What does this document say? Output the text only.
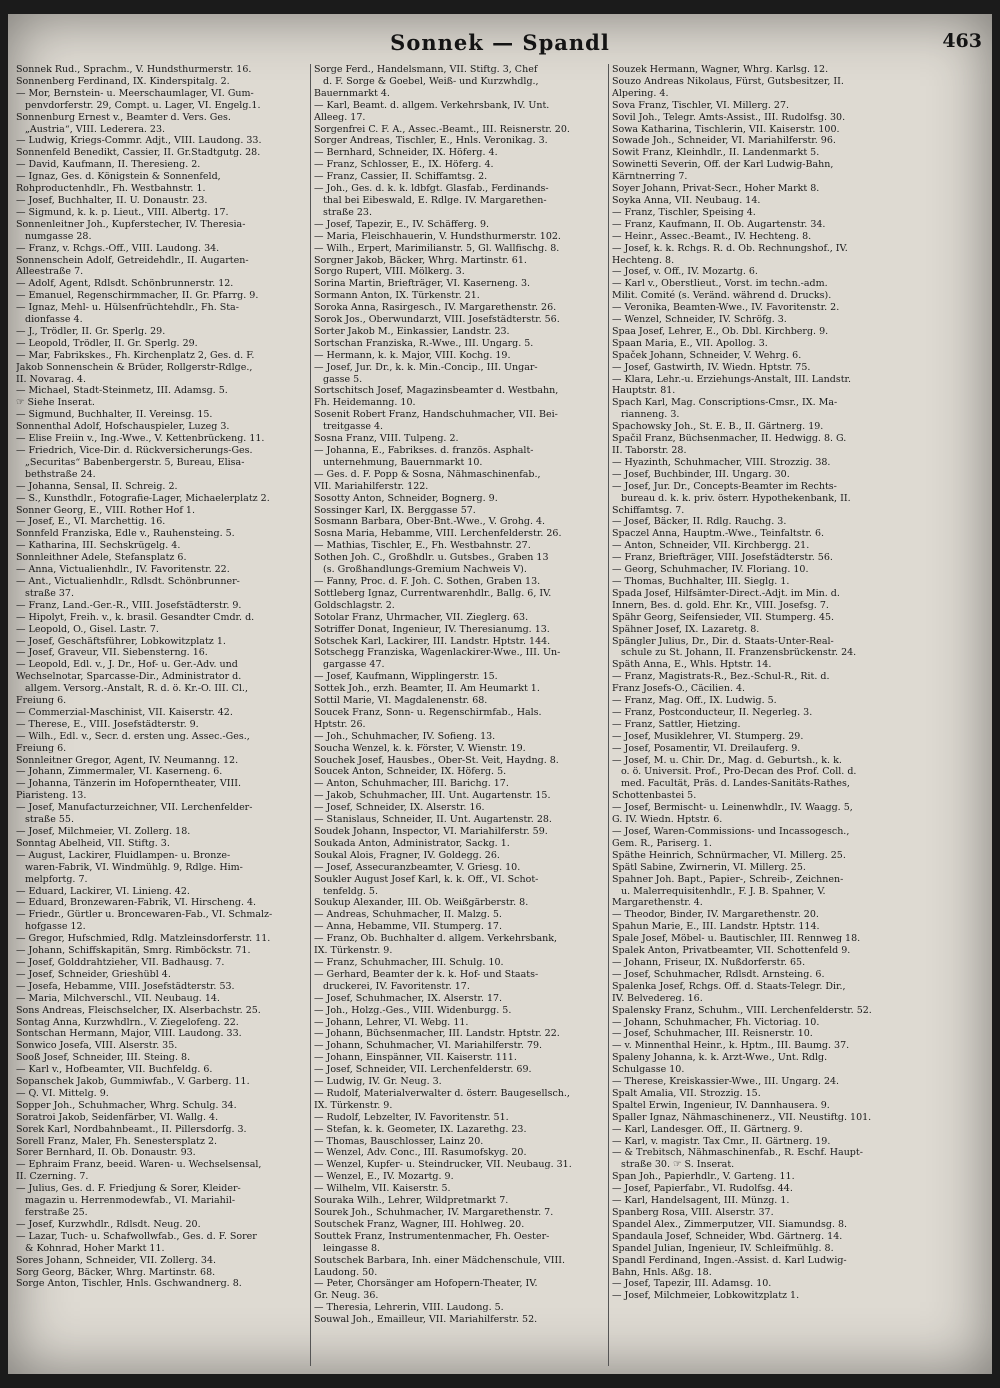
Sonnek — Spandl	463
Sonnek Rud., Sprachm., V. Hundsthurmerstr. 16.
Sonnenberg Ferdinand, IX. Kinderspitalg. 2.
— Mor, Bernstein- u. Meerschaumlager, VI. Gum-
penvdorferstr. 29, Compt. u. Lager, VI. Engelg.1.
Sonnenburg Ernest v., Beamter d. Vers. Ges.
„Austria“, VIII. Lederera. 23.
— Ludwig, Kriegs-Commr. Adjt., VIII. Laudong. 33.
Sonnenfeld Benedikt, Cassier, II. Gr.Stadtgutg. 28.
— David, Kaufmann, II. Theresieng. 2.
— Ignaz, Ges. d. Königstein & Sonnenfeld,
Rohproductenhdlr., Fh. Westbahnstr. 1.
— Josef, Buchhalter, II. U. Donaustr. 23.
— Sigmund, k. k. p. Lieut., VIII. Albertg. 17.
Sonnenleitner Joh., Kupferstecher, IV. Theresia-
numgasse 28.
— Franz, v. Rchgs.-Off., VIII. Laudong. 34.
Sonnenschein Adolf, Getreidehdlr., II. Augarten-
Alleestraße 7.
— Adolf, Agent, Rdlsdt. Schönbrunnerstr. 12.
— Emanuel, Regenschirmmacher, II. Gr. Pfarrg. 9.
— Ignaz, Mehl- u. Hülsenfrüchtehdlr., Fh. Sta-
dionfasse 4.
— J., Trödler, II. Gr. Sperlg. 29.
— Leopold, Trödler, II. Gr. Sperlg. 29.
— Mar, Fabrikskes., Fh. Kirchenplatz 2, Ges. d. F.
Jakob Sonnenschein & Brüder, Rollgerstr-Rdlge.,
II. Novarag. 4.
— Michael, Stadt-Steinmetz, III. Adamsg. 5.
☞ Siehe Inserat.
— Sigmund, Buchhalter, II. Vereinsg. 15.
Sonnenthal Adolf, Hofschauspieler, Luzeg 3.
— Elise Freiin v., Ing.-Wwe., V. Kettenbrückeng. 11.
— Friedrich, Vice-Dir. d. Rückversicherungs-Ges.
„Securitas“ Babenbergerstr. 5, Bureau, Elisa-
bethstraße 24.
— Johanna, Sensal, II. Schreig. 2.
— S., Kunsthdlr., Fotografie-Lager, Michaelerplatz 2.
Sonner Georg, E., VIII. Rother Hof 1.
— Josef, E., VI. Marchettig. 16.
Sonnfeld Franziska, Edle v., Rauhensteing. 5.
— Katharina, III. Sechskrügelg. 4.
Sonnleithner Adele, Stefansplatz 6.
— Anna, Victualienhdlr., IV. Favoritenstr. 22.
— Ant., Victualienhdlr., Rdlsdt. Schönbrunner-
straße 37.
— Franz, Land.-Ger.-R., VIII. Josefstädterstr. 9.
— Hipolyt, Freih. v., k. brasil. Gesandter Cmdr. d.
— Leopold, O., Gisel. Lastr. 7.
— Josef, Geschäftsführer, Lobkowitzplatz 1.
— Josef, Graveur, VII. Siebensterng. 16.
— Leopold, Edl. v., J. Dr., Hof- u. Ger.-Adv. und
Wechselnotar, Sparcasse-Dir., Administrator d.
allgem. Versorg.-Anstalt, R. d. ö. Kr.-O. III. Cl.,
Freiung 6.
— Commerzial-Maschinist, VII. Kaiserstr. 42.
— Therese, E., VIII. Josefstädterstr. 9.
— Wilh., Edl. v., Secr. d. ersten ung. Assec.-Ges.,
Freiung 6.
Sonnleitner Gregor, Agent, IV. Neumanng. 12.
— Johann, Zimmermaler, VI. Kaserneng. 6.
— Johanna, Tänzerin im Hofoperntheater, VIII.
Piaristeng. 13.
— Josef, Manufacturzeichner, VII. Lerchenfelder-
straße 55.
— Josef, Milchmeier, VI. Zollerg. 18.
Sonntag Abelheid, VII. Stiftg. 3.
— August, Lackirer, Fluidlampen- u. Bronze-
waren-Fabrik, VI. Windmühlg. 9, Rdlge. Him-
melpfortg. 7.
— Eduard, Lackirer, VI. Linieng. 42.
— Eduard, Bronzewaren-Fabrik, VI. Hirscheng. 4.
— Friedr., Gürtler u. Broncewaren-Fab., VI. Schmalz-
hofgasse 12.
— Gregor, Hufschmied, Rdlg. Matzleinsdorferstr. 11.
— Johann, Schiffskapitän, Smrg. Rimböckstr. 71.
— Josef, Golddrahtzieher, VII. Badhausg. 7.
— Josef, Schneider, Grieshübl 4.
— Josefa, Hebamme, VIII. Josefstädterstr. 53.
— Maria, Milchverschl., VII. Neubaug. 14.
Sons Andreas, Fleischselcher, IX. Alserbachstr. 25.
Sontag Anna, Kurzwhdlrn., V. Ziegelofeng. 22.
Sontschan Hermann, Major, VIII. Laudong. 33.
Sonwico Josefa, VIII. Alserstr. 35.
Sooß Josef, Schneider, III. Steing. 8.
— Karl v., Hofbeamter, VII. Buchfeldg. 6.
Sopanschek Jakob, Gummiwfab., V. Garberg. 11.
— Q. VI. Mittelg. 9.
Sopper Joh., Schuhmacher, Whrg. Schulg. 34.
Soratroi Jakob, Seidenfärber, VI. Wallg. 4.
Sorek Karl, Nordbahnbeamt., II. Pillersdorfg. 3.
Sorell Franz, Maler, Fh. Senestersplatz 2.
Sorer Bernhard, II. Ob. Donaustr. 93.
— Ephraim Franz, beeid. Waren- u. Wechselsensal,
II. Czerning. 7.
— Julius, Ges. d. F. Friedjung & Sorer, Kleider-
magazin u. Herrenmodewfab., VI. Mariahil-
ferstraße 25.
— Josef, Kurzwhdlr., Rdlsdt. Neug. 20.
— Lazar, Tuch- u. Schafwollwfab., Ges. d. F. Sorer
& Kohnrad, Hoher Markt 11.
Sores Johann, Schneider, VII. Zollerg. 34.
Sorg Georg, Bäcker, Whrg. Martinstr. 68.
Sorge Anton, Tischler, Hnls. Gschwandnerg. 8.
Sorge Ferd., Handelsmann, VII. Stiftg. 3, Chef
d. F. Sorge & Goebel, Weiß- und Kurzwhdlg.,
Bauernmarkt 4.
— Karl, Beamt. d. allgem. Verkehrsbank, IV. Unt.
Alleeg. 17.
Sorgenfrei C. F. A., Assec.-Beamt., III. Reisnerstr. 20.
Sorger Andreas, Tischler, E., Hnls. Veronikag. 3.
— Bernhard, Schneider, IX. Höferg. 4.
— Franz, Schlosser, E., IX. Höferg. 4.
— Franz, Cassier, II. Schiffamtsg. 2.
— Joh., Ges. d. k. k. ldbfgt. Glasfab., Ferdinands-
thal bei Eibeswald, E. Rdlge. IV. Margarethen-
straße 23.
— Josef, Tapezir, E., IV. Schäfferg. 9.
— Maria, Fleischhauerin, V. Hundsthurmerstr. 102.
— Wilh., Erpert, Marimilianstr. 5, Gl. Wallfischg. 8.
Sorgner Jakob, Bäcker, Whrg. Martinstr. 61.
Sorgo Rupert, VIII. Mölkerg. 3.
Sorina Martin, Briefträger, VI. Kaserneng. 3.
Sormann Anton, IX. Türkenstr. 21.
Soroka Anna, Rasirgesch., IV. Margarethenstr. 26.
Sorok Jos., Oberwundarzt, VIII. Josefstädterstr. 56.
Sorter Jakob M., Einkassier, Landstr. 23.
Sortschan Franziska, R.-Wwe., III. Ungarg. 5.
— Hermann, k. k. Major, VIII. Kochg. 19.
— Josef, Jur. Dr., k. k. Min.-Concip., III. Ungar-
gasse 5.
Sortschitsch Josef, Magazinsbeamter d. Westbahn,
Fh. Heidemanng. 10.
Sosenit Robert Franz, Handschuhmacher, VII. Bei-
treitgasse 4.
Sosna Franz, VIII. Tulpeng. 2.
— Johanna, E., Fabrikses. d. französ. Asphalt-
unternehmung, Bauernmarkt 10.
— Ges. d. F. Popp & Sosna, Nähmaschinenfab.,
VII. Mariahilferstr. 122.
Sosotty Anton, Schneider, Bognerg. 9.
Sossinger Karl, IX. Berggasse 57.
Sosmann Barbara, Ober-Bnt.-Wwe., V. Grohg. 4.
Sosna Maria, Hebamme, VIII. Lerchenfelderstr. 26.
— Mathias, Tischler, E., Fh. Westbahnstr. 27.
Sothen Joh. C., Großhdlr. u. Gutsbes., Graben 13
(s. Großhandlungs-Gremium Nachweis V).
— Fanny, Proc. d. F. Joh. C. Sothen, Graben 13.
Sottleberg Ignaz, Currentwarenhdlr., Ballg. 6, IV.
Goldschlagstr. 2.
Sotolar Franz, Uhrmacher, VII. Zieglerg. 63.
Sotriffer Donat, Ingenieur, IV. Theresianumg. 13.
Sotschek Karl, Lackirer, III. Landstr. Hptstr. 144.
Sotschegg Franziska, Wagenlackirer-Wwe., III. Un-
gargasse 47.
— Josef, Kaufmann, Wipplingerstr. 15.
Sottek Joh., erzh. Beamter, II. Am Heumarkt 1.
Sottil Marie, VI. Magdalenenstr. 68.
Soucek Franz, Sonn- u. Regenschirmfab., Hals.
Hptstr. 26.
— Joh., Schuhmacher, IV. Sofieng. 13.
Soucha Wenzel, k. k. Förster, V. Wienstr. 19.
Souchek Josef, Hausbes., Ober-St. Veit, Haydng. 8.
Soucek Anton, Schneider, IX. Höferg. 5.
— Anton, Schuhmacher, III. Barichg. 17.
— Jakob, Schuhmacher, III. Unt. Augartenstr. 15.
— Josef, Schneider, IX. Alserstr. 16.
— Stanislaus, Schneider, II. Unt. Augartenstr. 28.
Soudek Johann, Inspector, VI. Mariahilferstr. 59.
Soukada Anton, Administrator, Sackg. 1.
Soukal Alois, Fragner, IV. Goldegg. 26.
— Josef, Assecuranzbeamter, V. Griesg. 10.
Soukler August Josef Karl, k. k. Off., VI. Schot-
tenfeldg. 5.
Soukup Alexander, III. Ob. Weißgärberstr. 8.
— Andreas, Schuhmacher, II. Malzg. 5.
— Anna, Hebamme, VII. Stumperg. 17.
— Franz, Ob. Buchhalter d. allgem. Verkehrsbank,
IX. Türkenstr. 9.
— Franz, Schuhmacher, III. Schulg. 10.
— Gerhard, Beamter der k. k. Hof- und Staats-
druckerei, IV. Favoritenstr. 17.
— Josef, Schuhmacher, IX. Alserstr. 17.
— Joh., Holzg.-Ges., VIII. Widenburgg. 5.
— Johann, Lehrer, VI. Webg. 11.
— Johann, Büchsenmacher, III. Landstr. Hptstr. 22.
— Johann, Schuhmacher, VI. Mariahilferstr. 79.
— Johann, Einspänner, VII. Kaiserstr. 111.
— Josef, Schneider, VII. Lerchenfelderstr. 69.
— Ludwig, IV. Gr. Neug. 3.
— Rudolf, Materialverwalter d. österr. Baugesellsch.,
IX. Türkenstr. 9.
— Rudolf, Lebzelter, IV. Favoritenstr. 51.
— Stefan, k. k. Geometer, IX. Lazarethg. 23.
— Thomas, Bauschlosser, Lainz 20.
— Wenzel, Adv. Conc., III. Rasumofskyg. 20.
— Wenzel, Kupfer- u. Steindrucker, VII. Neubaug. 31.
— Wenzel, E., IV. Mozartg. 9.
— Wilhelm, VII. Kaiserstr. 5.
Souraka Wilh., Lehrer, Wildpretmarkt 7.
Sourek Joh., Schuhmacher, IV. Margarethenstr. 7.
Soutschek Franz, Wagner, III. Hohlweg. 20.
Souttek Franz, Instrumentenmacher, Fh. Oester-
leingasse 8.
Soutschek Barbara, Inh. einer Mädchenschule, VIII.
Laudong. 50.
— Peter, Chorsänger am Hofopern-Theater, IV.
Gr. Neug. 36.
— Theresia, Lehrerin, VIII. Laudong. 5.
Souwal Joh., Emailleur, VII. Mariahilferstr. 52.
Souzek Hermann, Wagner, Whrg. Karlsg. 12.
Souzo Andreas Nikolaus, Fürst, Gutsbesitzer, II.
Alpering. 4.
Sova Franz, Tischler, VI. Millerg. 27.
Sovil Joh., Telegr. Amts-Assist., III. Rudolfsg. 30.
Sowa Katharina, Tischlerin, VII. Kaiserstr. 100.
Sowade Joh., Schneider, VI. Mariahilferstr. 96.
Sowit Franz, Kleinhdlr., II. Landenmarkt 5.
Sowinetti Severin, Off. der Karl Ludwig-Bahn,
Kärntnerring 7.
Soyer Johann, Privat-Secr., Hoher Markt 8.
Soyka Anna, VII. Neubaug. 14.
— Franz, Tischler, Speising 4.
— Franz, Kaufmann, II. Ob. Augartenstr. 34.
— Heinr., Assec.-Beamt., IV. Hechteng. 8.
— Josef, k. k. Rchgs. R. d. Ob. Rechnungshof., IV.
Hechteng. 8.
— Josef, v. Off., IV. Mozartg. 6.
— Karl v., Oberstlieut., Vorst. im techn.-adm.
Milit. Comité (s. Veränd. während d. Drucks).
— Veronika, Beamten-Wwe., IV. Favoritenstr. 2.
— Wenzel, Schneider, IV. Schröfg. 3.
Spaa Josef, Lehrer, E., Ob. Dbl. Kirchberg. 9.
Spaan Maria, E., VII. Apollog. 3.
Spaček Johann, Schneider, V. Wehrg. 6.
— Josef, Gastwirth, IV. Wiedn. Hptstr. 75.
— Klara, Lehr.-u. Erziehungs-Anstalt, III. Landstr.
Hauptstr. 81.
Spach Karl, Mag. Conscriptions-Cmsr., IX. Ma-
rianneng. 3.
Spachowsky Joh., St. E. B., II. Gärtnerg. 19.
Spačil Franz, Büchsenmacher, II. Hedwigg. 8. G.
II. Taborstr. 28.
— Hyazinth, Schuhmacher, VIII. Strozzig. 38.
— Josef, Buchbinder, III. Ungarg. 30.
— Josef, Jur. Dr., Concepts-Beamter im Rechts-
bureau d. k. k. priv. österr. Hypothekenbank, II.
Schiffamtsg. 7.
— Josef, Bäcker, II. Rdlg. Rauchg. 3.
Spaczel Anna, Hauptm.-Wwe., Teinfaltstr. 6.
— Anton, Schneider, VII. Kirchbergg. 21.
— Franz, Briefträger, VIII. Josefstädterstr. 56.
— Georg, Schuhmacher, IV. Floriang. 10.
— Thomas, Buchhalter, III. Sieglg. 1.
Spada Josef, Hilfsämter-Direct.-Adjt. im Min. d.
Innern, Bes. d. gold. Ehr. Kr., VIII. Josefsg. 7.
Spähr Georg, Seifensieder, VII. Stumperg. 45.
Spähner Josef, IX. Lazaretg. 8.
Spängler Julius, Dr., Dir. d. Staats-Unter-Real-
schule zu St. Johann, II. Franzensbrückenstr. 24.
Späth Anna, E., Whls. Hptstr. 14.
— Franz, Magistrats-R., Bez.-Schul-R., Rit. d.
Franz Josefs-O., Cäcilien. 4.
— Franz, Mag. Off., IX. Ludwig. 5.
— Franz, Postconducteur, II. Negerleg. 3.
— Franz, Sattler, Hietzing.
— Josef, Musiklehrer, VI. Stumperg. 29.
— Josef, Posamentir, VI. Dreilauferg. 9.
— Josef, M. u. Chir. Dr., Mag. d. Geburtsh., k. k.
o. ö. Universit. Prof., Pro-Decan des Prof. Coll. d.
med. Facultät, Präs. d. Landes-Sanitäts-Rathes,
Schottenbastei 5.
— Josef, Bermischt- u. Leinenwhdlr., IV. Waagg. 5,
G. IV. Wiedn. Hptstr. 6.
— Josef, Waren-Commissions- und Incassogesch.,
Gem. R., Pariserg. 1.
Späthe Heinrich, Schnürmacher, VI. Millerg. 25.
Spätl Sabine, Zwirnerin, VI. Millerg. 25.
Spahner Joh. Bapt., Papier-, Schreib-, Zeichnen-
u. Malerrequisitenhdlr., F. J. B. Spahner, V.
Margarethenstr. 4.
— Theodor, Binder, IV. Margarethenstr. 20.
Spahun Marie, E., III. Landstr. Hptstr. 114.
Spale Josef, Möbel- u. Bautischler, III. Rennweg 18.
Spalek Anton, Privatbeamter, VII. Schottenfeld 9.
— Johann, Friseur, IX. Nußdorferstr. 65.
— Josef, Schuhmacher, Rdlsdt. Arnsteing. 6.
Spalenka Josef, Rchgs. Off. d. Staats-Telegr. Dir.,
IV. Belvedereg. 16.
Spalensky Franz, Schuhm., VIII. Lerchenfelderstr. 52.
— Johann, Schuhmacher, Fh. Victoriag. 10.
— Josef, Schuhmacher, III. Reisnerstr. 10.
— v. Minnenthal Heinr., k. Hptm., III. Baumg. 37.
Spaleny Johanna, k. k. Arzt-Wwe., Unt. Rdlg.
Schulgasse 10.
— Therese, Kreiskassier-Wwe., III. Ungarg. 24.
Spalt Amalia, VII. Strozzig. 15.
Spaltel Erwin, Ingenieur, IV. Dannhausera. 9.
Spaller Ignaz, Nähmaschinenerz., VII. Neustiftg. 101.
— Karl, Landesger. Off., II. Gärtnerg. 9.
— Karl, v. magistr. Tax Cmr., II. Gärtnerg. 19.
— & Trebitsch, Nähmaschinenfab., R. Eschf. Haupt-
straße 30. ☞ S. Inserat.
Span Joh., Papierhdlr., V. Garteng. 11.
— Josef, Papierfabr., VI. Rudolfsg. 44.
— Karl, Handelsagent, III. Münzg. 1.
Spanberg Rosa, VIII. Alserstr. 37.
Spandel Alex., Zimmerputzer, VII. Siamundsg. 8.
Spandaula Josef, Schneider, Wbd. Gärtnerg. 14.
Spandel Julian, Ingenieur, IV. Schleifmühlg. 8.
Spandl Ferdinand, Ingen.-Assist. d. Karl Ludwig-
Bahn, Hnls. Aßg. 18.
— Josef, Tapezir, III. Adamsg. 10.
— Josef, Milchmeier, Lobkowitzplatz 1.
